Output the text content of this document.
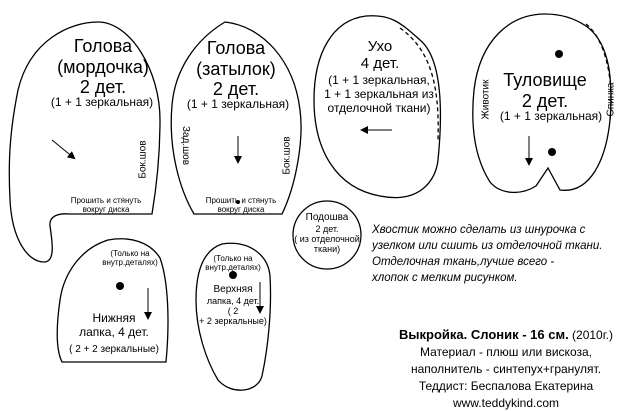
Голова
(мордочка)
2 дет.
(1 + 1 зеркальная)
Бок.шов
Прошить и стянуть
вокруг диска
Голова
(затылок)
2 дет.
(1 + 1 зеркальная)
Зад.шов	Бок.шов
Прошить и стянуть
вокруг диска
Ухо
4 дет.
(1 + 1 зеркальная,
1 + 1 зеркальная из
отделочной ткани)
Туловище
2 дет.
(1 + 1 зеркальная)
Животик	Спинка
Подошва
2 дет.
( из отделочной
ткани)
(Только на
внутр.деталях)
Нижняя
лапка, 4 дет.
( 2 + 2 зеркальные)
(Только на
внутр.деталях)
Верхняя
лапка, 4 дет.
( 2
+ 2 зеркальные)
Хвостик можно сделать из шнурочка с
узелком или сшить из отделочной ткани.
Отделочная ткань,лучше всего -
хлопок с мелким рисунком.
Выкройка. Слоник - 16 см. (2010г.)
Материал - плюш или вискоза,
наполнитель - синтепух+гранулят.
Теддист: Беспалова Екатерина
www.teddykind.com
